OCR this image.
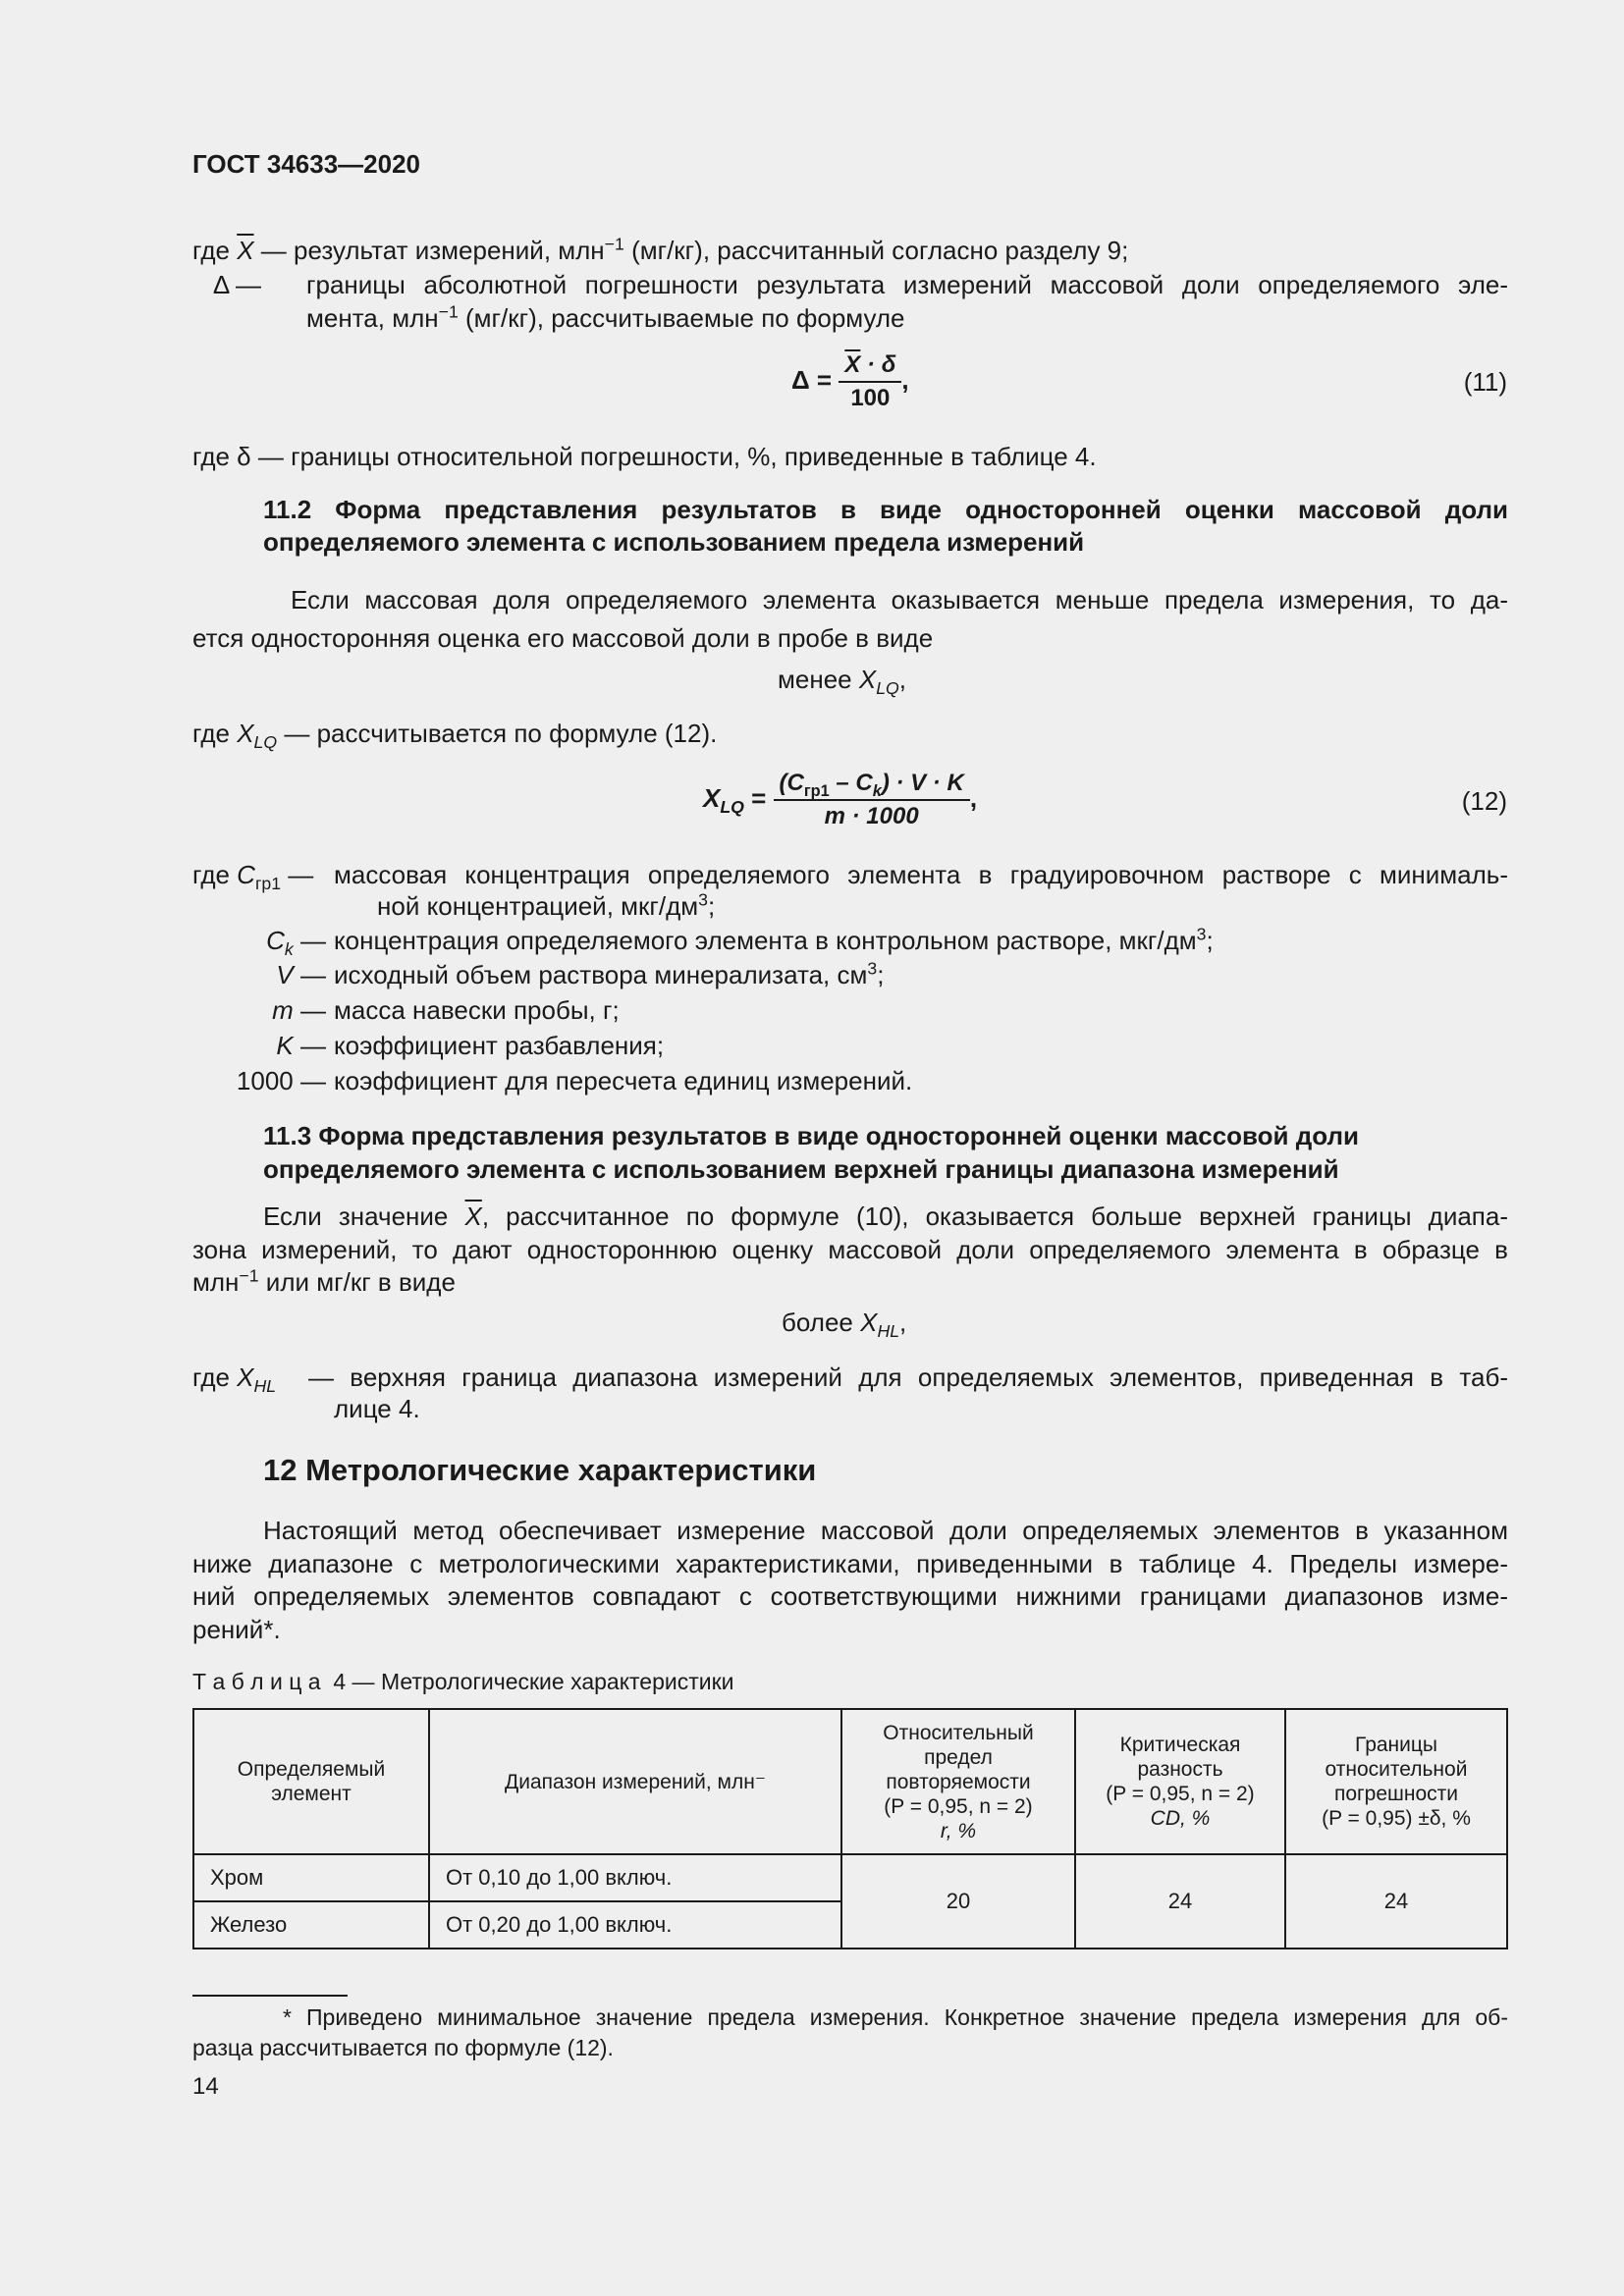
ГОСТ 34633—2020
где $\overline{X}$ — результат измерений, млн$^{-1}$ (мг/кг), рассчитанный согласно разделу 9;
Δ — границы абсолютной погрешности результата измерений массовой доли определяемого эле-
мента, млн$^{-1}$ (мг/кг), рассчитываемые по формуле
$\Delta = \frac{\overline{X} \cdot \delta}{100}$ ,	(11)
где δ — границы относительной погрешности, %, приведенные в таблице 4.
11.2 Форма представления результатов в виде односторонней оценки массовой доли
определяемого элемента с использованием предела измерений
Если массовая доля определяемого элемента оказывается меньше предела измерения, то да-
ется односторонняя оценка его массовой доли в пробе в виде
менее $X_{LQ}$,
где $X_{LQ}$ — рассчитывается по формуле (12).
$X_{LQ} = \frac{(C_{гр1} - C_k) \cdot V \cdot K}{m \cdot 1000}$ ,	(12)
где $C_{гр1}$ — массовая концентрация определяемого элемента в градуировочном растворе с минималь-
ной концентрацией, мкг/$дм^3$;
$C_k$ — концентрация определяемого элемента в контрольном растворе, мкг/$дм^3$;
V — исходный объем раствора минерализата, $см^3$;
m — масса навески пробы, г;
K — коэффициент разбавления;
1000 — коэффициент для пересчета единиц измерений.
11.3 Форма представления результатов в виде односторонней оценки массовой доли
определяемого элемента с использованием верхней границы диапазона измерений
Если значение $\overline{X}$, рассчитанное по формуле (10), оказывается больше верхней границы диапа-
зона измерений, то дают одностороннюю оценку массовой доли определяемого элемента в образце в
млн$^{-1}$ или мг/кг в виде
более $X_{HL}$,
где $X_{HL}$ — верхняя граница диапазона измерений для определяемых элементов, приведенная в таб-
лице 4.
12 Метрологические характеристики
Настоящий метод обеспечивает измерение массовой доли определяемых элементов в указанном
ниже диапазоне с метрологическими характеристиками, приведенными в таблице 4. Пределы измере-
ний определяемых элементов совпадают с соответствующими нижними границами диапазонов изме-
рений*.
Т а б л и ц а 4 — Метрологические характеристики
Определяемый элемент	Диапазон измерений, млн⁻	Относительный
предел
повторяемости
(P = 0,95, n = 2)
r, %	Критическая
разность
(P = 0,95, n = 2)
CD, %	Границы
относительной
погрешности
(P = 0,95) ±δ, %
Хром	От 0,10 до 1,00 включ.	20	24	24
Железо	От 0,20 до 1,00 включ.			
* Приведено минимальное значение предела измерения. Конкретное значение предела измерения для об-
разца рассчитывается по формуле (12).
14
